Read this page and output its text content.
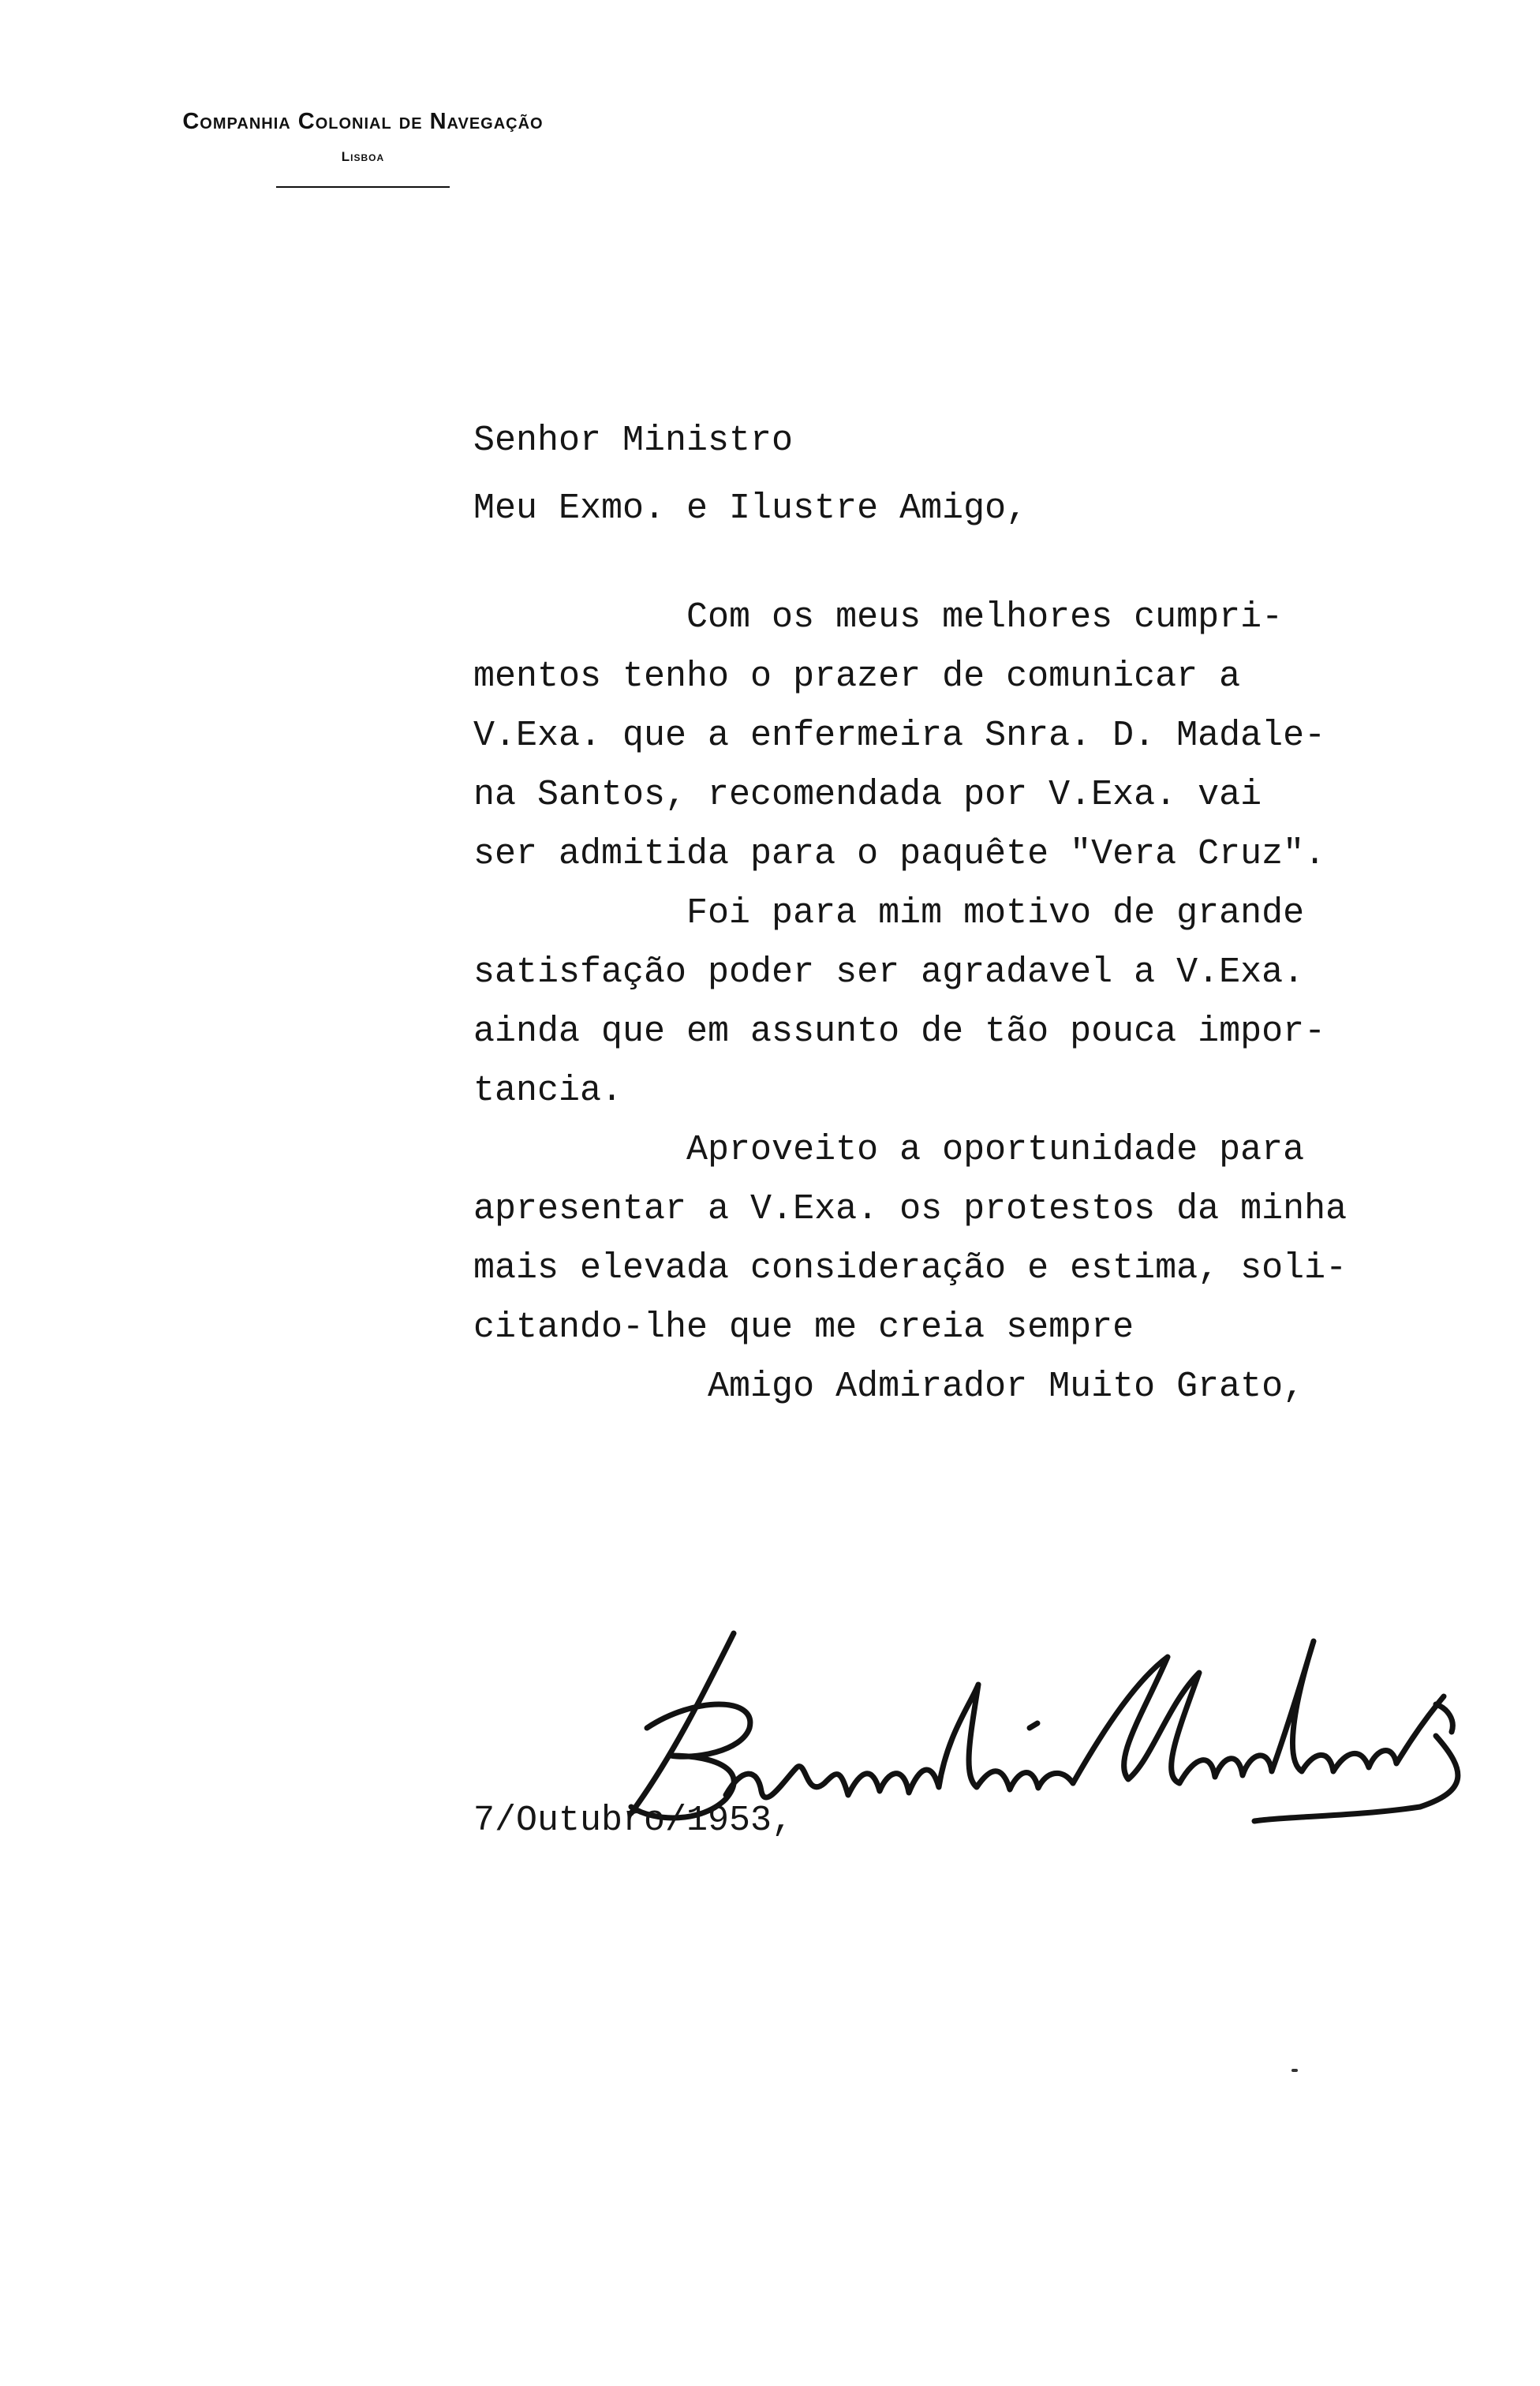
Companhia Colonial de Navegação
Lisboa
Senhor Ministro
Meu Exmo. e Ilustre Amigo,
Com os meus melhores cumpri-
mentos tenho o prazer de comunicar a
V.Exa. que a enfermeira Snra. D. Madale-
na Santos, recomendada por V.Exa. vai
ser admitida para o paquête "Vera Cruz".
Foi para mim motivo de grande
satisfação poder ser agradavel a V.Exa.
ainda que em assunto de tão pouca impor-
tancia.
Aproveito a oportunidade para
apresentar a V.Exa. os protestos da minha
mais elevada consideração e estima, soli-
citando-lhe que me creia sempre
Amigo Admirador Muito Grato,
7/Outubro/1953,
